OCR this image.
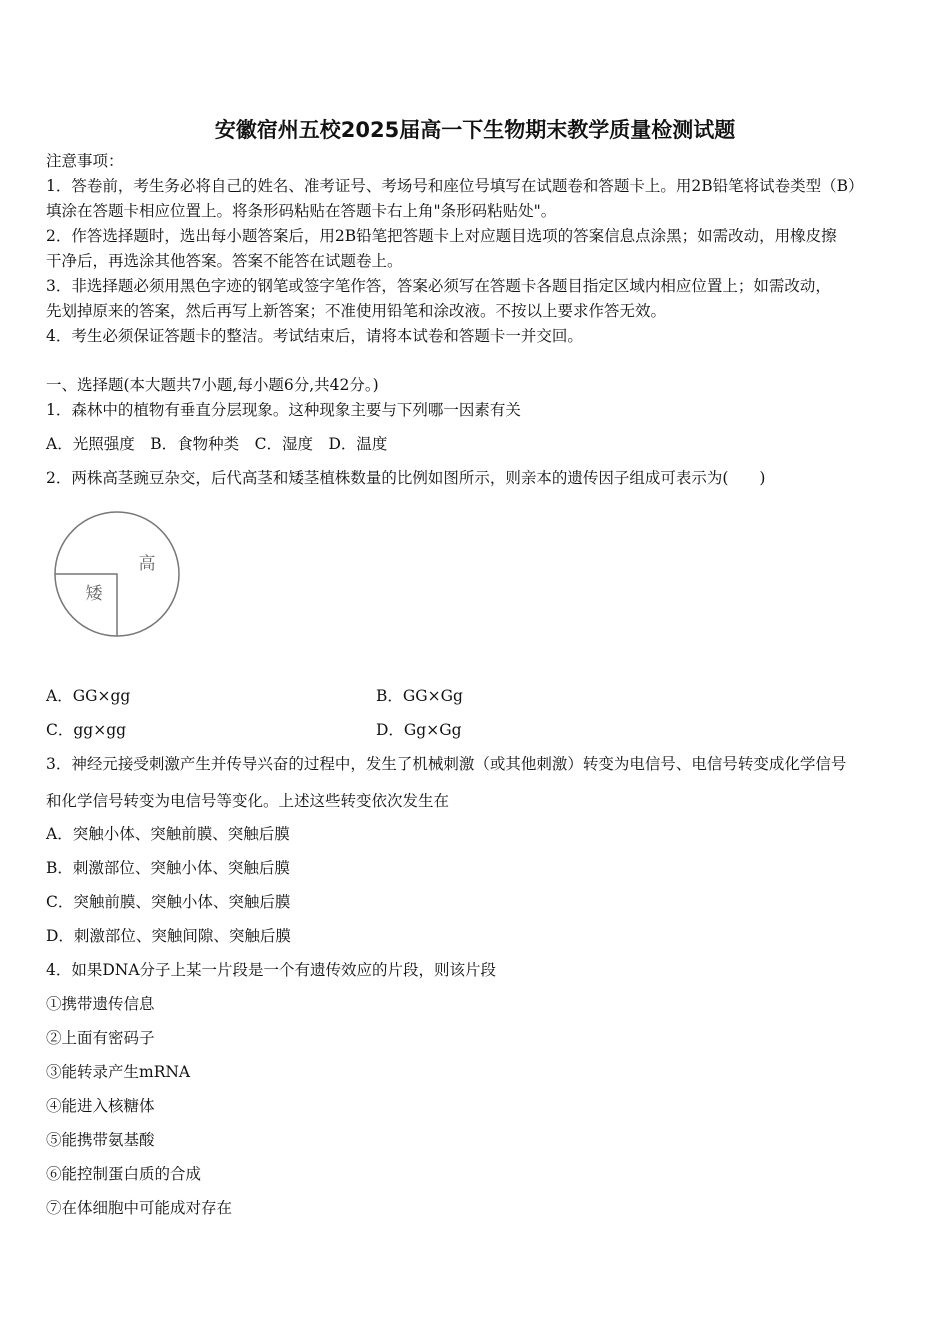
安徽宿州五校2025届高一下生物期末教学质量检测试题
注意事项：
1．答卷前，考生务必将自己的姓名、准考证号、考场号和座位号填写在试题卷和答题卡上。用2B铅笔将试卷类型（B）
填涂在答题卡相应位置上。将条形码粘贴在答题卡右上角"条形码粘贴处"。
2．作答选择题时，选出每小题答案后，用2B铅笔把答题卡上对应题目选项的答案信息点涂黑；如需改动，用橡皮擦
干净后，再选涂其他答案。答案不能答在试题卷上。
3．非选择题必须用黑色字迹的钢笔或签字笔作答，答案必须写在答题卡各题目指定区域内相应位置上；如需改动，
先划掉原来的答案，然后再写上新答案；不准使用铅笔和涂改液。不按以上要求作答无效。
4．考生必须保证答题卡的整洁。考试结束后，请将本试卷和答题卡一并交回。
一、选择题(本大题共7小题,每小题6分,共42分。)
1．森林中的植物有垂直分层现象。这种现象主要与下列哪一因素有关
A．光照强度　B．食物种类　C．湿度　D．温度
2．两株高茎豌豆杂交，后代高茎和矮茎植株数量的比例如图所示，则亲本的遗传因子组成可表示为(　　)
高
矮
A．GG×gg	B．GG×Gg
C．gg×gg	D．Gg×Gg
3．神经元接受刺激产生并传导兴奋的过程中，发生了机械刺激（或其他刺激）转变为电信号、电信号转变成化学信号
和化学信号转变为电信号等变化。上述这些转变依次发生在
A．突触小体、突触前膜、突触后膜
B．刺激部位、突触小体、突触后膜
C．突触前膜、突触小体、突触后膜
D．刺激部位、突触间隙、突触后膜
4．如果DNA分子上某一片段是一个有遗传效应的片段，则该片段
①携带遗传信息
②上面有密码子
③能转录产生mRNA
④能进入核糖体
⑤能携带氨基酸
⑥能控制蛋白质的合成
⑦在体细胞中可能成对存在
